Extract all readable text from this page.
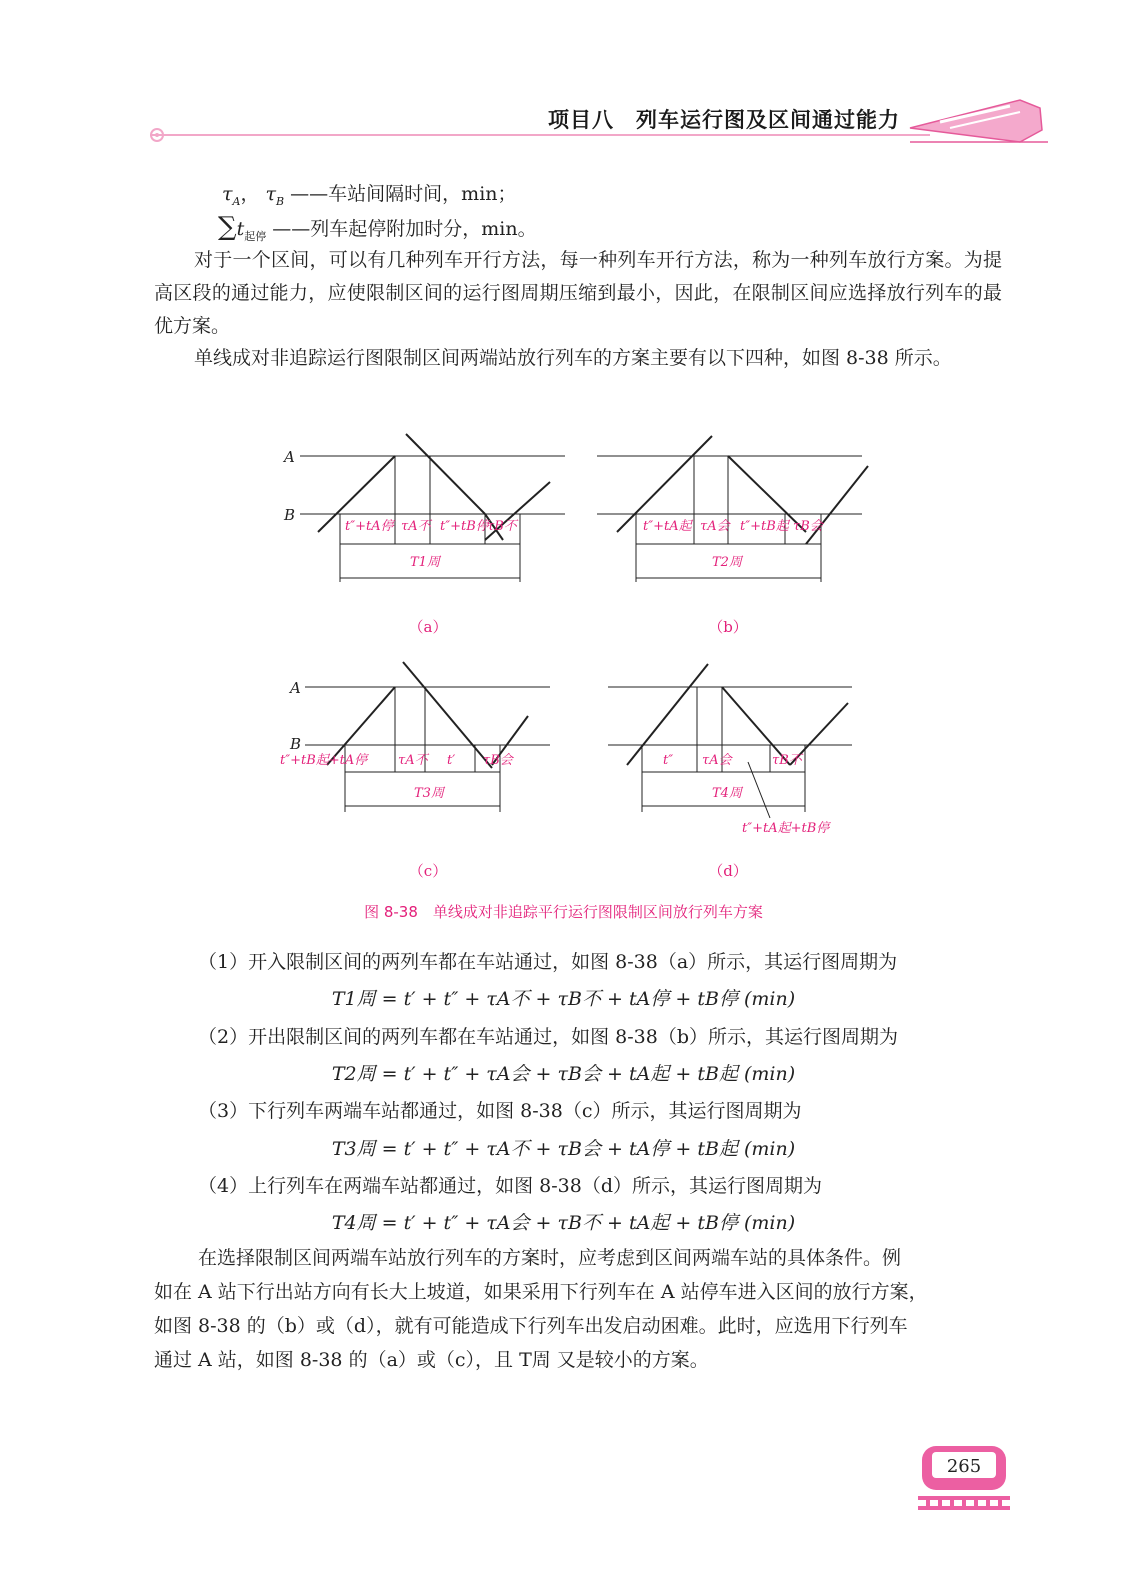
项目八　列车运行图及区间通过能力
$\tau_A$， $\tau_B$ ——车站间隔时间，min；
$\sum t_{起停}$ ——列车起停附加时分，min。
对于一个区间，可以有几种列车开行方法，每一种列车开行方法，称为一种列车放行方案。为提高区段的通过能力，应使限制区间的运行图周期压缩到最小，因此，在限制区间应选择放行列车的最优方案。
单线成对非追踪运行图限制区间两端站放行列车的方案主要有以下四种，如图 8-38 所示。
A
B
A
B
t″+tA停 τA不 t″+tB停
τB不
T1周
t″+tA起 τA会 t″+tB起 τB会
T2周
t″+tB起+tA停 τA不 t′ τB会
T3周
t″ τA会	τB不
t″+tA起+tB停
T4周
（a）	（b）
（c）	（d）
图 8-38　单线成对非追踪平行运行图限制区间放行列车方案
（1）开入限制区间的两列车都在车站通过，如图 8-38（a）所示，其运行图周期为
T1周 = t′ + t″ + τA不 + τB不 + tA停 + tB停 (min)
（2）开出限制区间的两列车都在车站通过，如图 8-38（b）所示，其运行图周期为
T2周 = t′ + t″ + τA会 + τB会 + tA起 + tB起 (min)
（3）下行列车两端车站都通过，如图 8-38（c）所示，其运行图周期为
T3周 = t′ + t″ + τA不 + τB会 + tA停 + tB起 (min)
（4）上行列车在两端车站都通过，如图 8-38（d）所示，其运行图周期为
T4周 = t′ + t″ + τA会 + τB不 + tA起 + tB停 (min)
在选择限制区间两端车站放行列车的方案时，应考虑到区间两端车站的具体条件。例
如在 A 站下行出站方向有长大上坡道，如果采用下行列车在 A 站停车进入区间的放行方案，
如图 8-38 的（b）或（d），就有可能造成下行列车出发启动困难。此时，应选用下行列车
通过 A 站，如图 8-38 的（a）或（c），且 T周 又是较小的方案。
265
